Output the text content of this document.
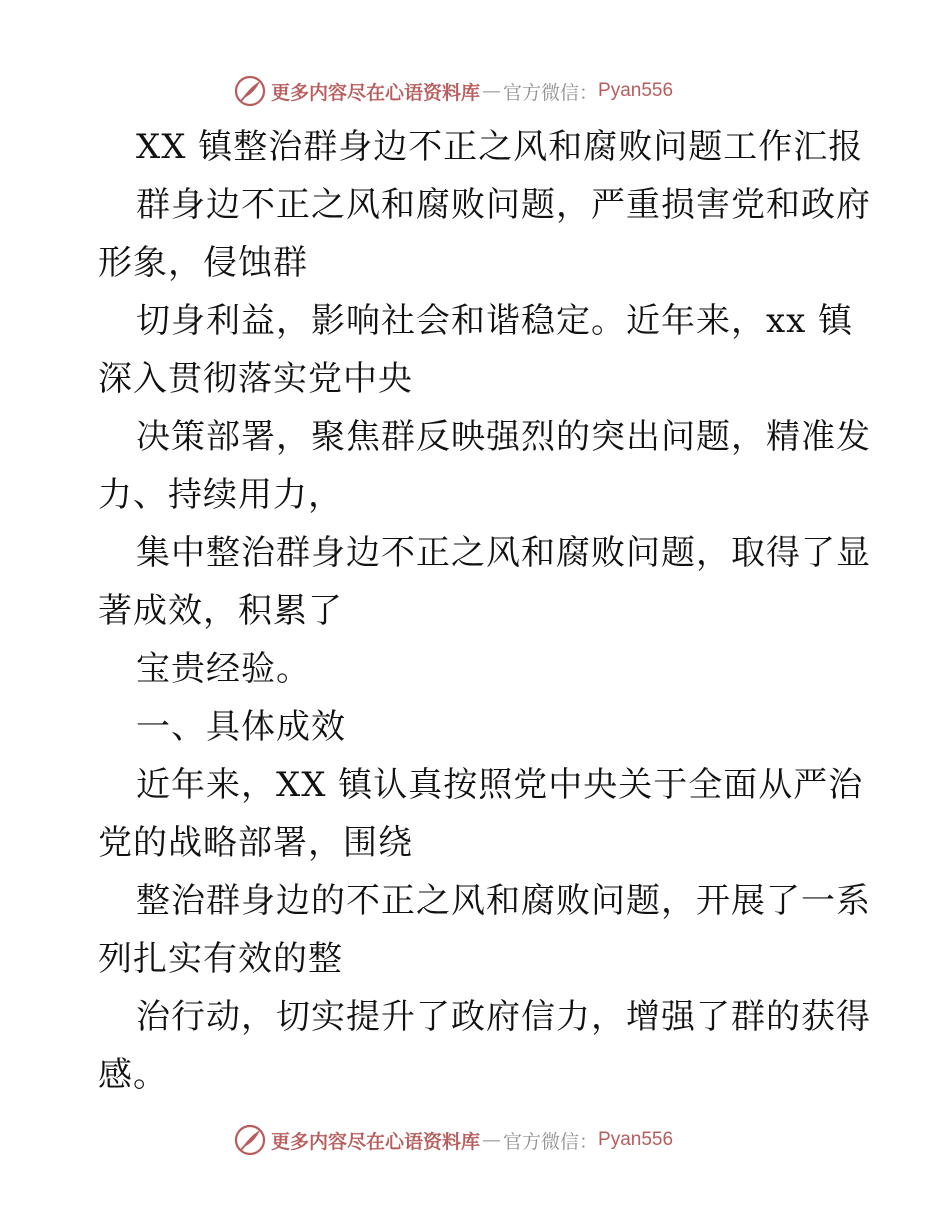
更多内容尽在心语资料库 — 官方微信： Pyan556
XX 镇整治群身边不正之风和腐败问题工作汇报
群身边不正之风和腐败问题，严重损害党和政府
形象，侵蚀群
切身利益，影响社会和谐稳定。近年来，xx 镇
深入贯彻落实党中央
决策部署，聚焦群反映强烈的突出问题，精准发
力、持续用力，
集中整治群身边不正之风和腐败问题，取得了显
著成效，积累了
宝贵经验。
一、具体成效
近年来，XX 镇认真按照党中央关于全面从严治
党的战略部署，围绕
整治群身边的不正之风和腐败问题，开展了一系
列扎实有效的整
治行动，切实提升了政府信力，增强了群的获得
感。
更多内容尽在心语资料库 — 官方微信： Pyan556
